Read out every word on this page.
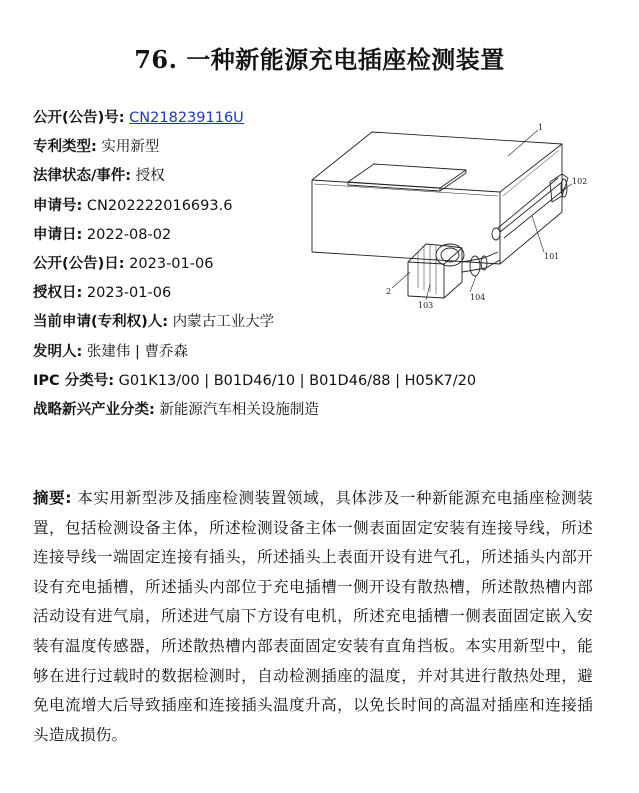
76. 一种新能源充电插座检测装置
公开(公告)号: CN218239116U
专利类型: 实用新型
法律状态/事件: 授权
申请号: CN202222016693.6
申请日: 2022-08-02
公开(公告)日: 2023-01-06
授权日: 2023-01-06
当前申请(专利权)人: 内蒙古工业大学
发明人: 张建伟 | 曹乔森
IPC 分类号: G01K13/00 | B01D46/10 | B01D46/88 | H05K7/20
战略新兴产业分类: 新能源汽车相关设施制造
1
102
101
2
103
104
摘要: 本实用新型涉及插座检测装置领域，具体涉及一种新能源充电插座检测装置，包括检测设备主体，所述检测设备主体一侧表面固定安装有连接导线，所述连接导线一端固定连接有插头，所述插头上表面开设有进气孔，所述插头内部开设有充电插槽，所述插头内部位于充电插槽一侧开设有散热槽，所述散热槽内部活动设有进气扇，所述进气扇下方设有电机，所述充电插槽一侧表面固定嵌入安装有温度传感器，所述散热槽内部表面固定安装有直角挡板。本实用新型中，能够在进行过载时的数据检测时，自动检测插座的温度，并对其进行散热处理，避免电流增大后导致插座和连接插头温度升高，以免长时间的高温对插座和连接插头造成损伤。
